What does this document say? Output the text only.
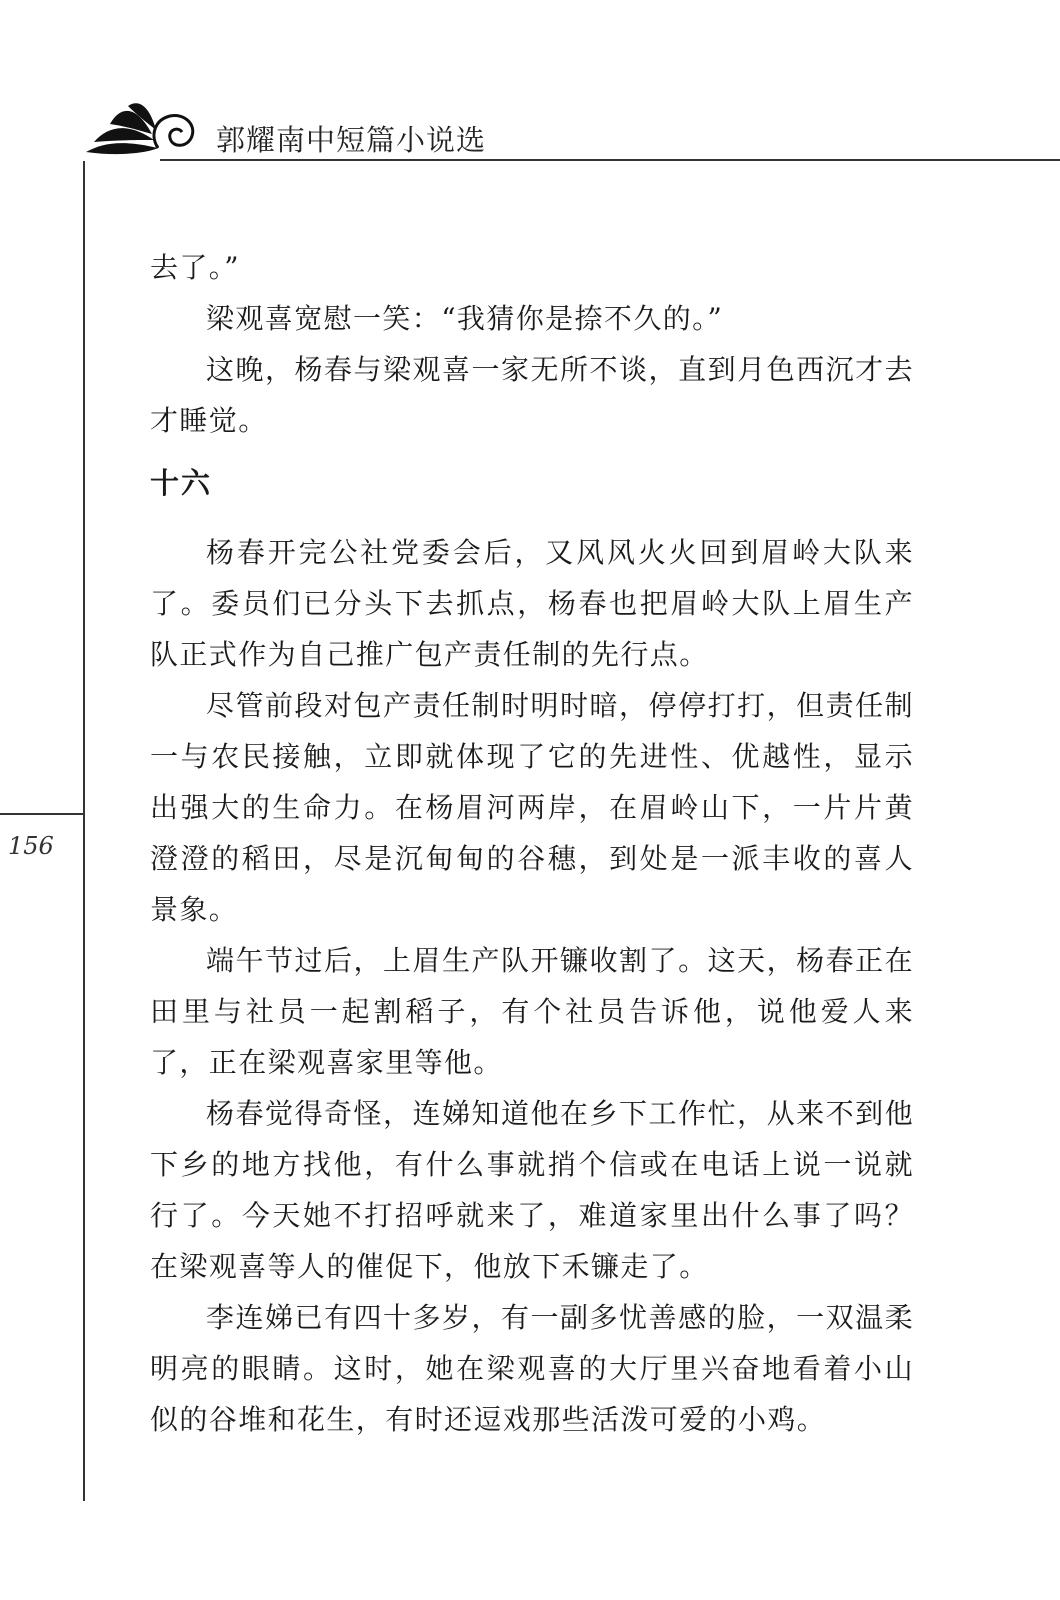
郭耀南中短篇小说选
156

去了。”

梁观喜宽慰一笑：“我猜你是捺不久的。”

这晚，杨春与梁观喜一家无所不谈，直到月色西沉才去才睡觉。

十六

杨春开完公社党委会后，又风风火火回到眉岭大队来了。委员们已分头下去抓点，杨春也把眉岭大队上眉生产队正式作为自己推广包产责任制的先行点。

尽管前段对包产责任制时明时暗，停停打打，但责任制一与农民接触，立即就体现了它的先进性、优越性，显示出强大的生命力。在杨眉河两岸，在眉岭山下，一片片黄澄澄的稻田，尽是沉甸甸的谷穗，到处是一派丰收的喜人景象。

端午节过后，上眉生产队开镰收割了。这天，杨春正在田里与社员一起割稻子，有个社员告诉他，说他爱人来了，正在梁观喜家里等他。

杨春觉得奇怪，连娣知道他在乡下工作忙，从来不到他下乡的地方找他，有什么事就捎个信或在电话上说一说就行了。今天她不打招呼就来了，难道家里出什么事了吗？在梁观喜等人的催促下，他放下禾镰走了。

李连娣已有四十多岁，有一副多忧善感的脸，一双温柔明亮的眼睛。这时，她在梁观喜的大厅里兴奋地看着小山似的谷堆和花生，有时还逗戏那些活泼可爱的小鸡。
